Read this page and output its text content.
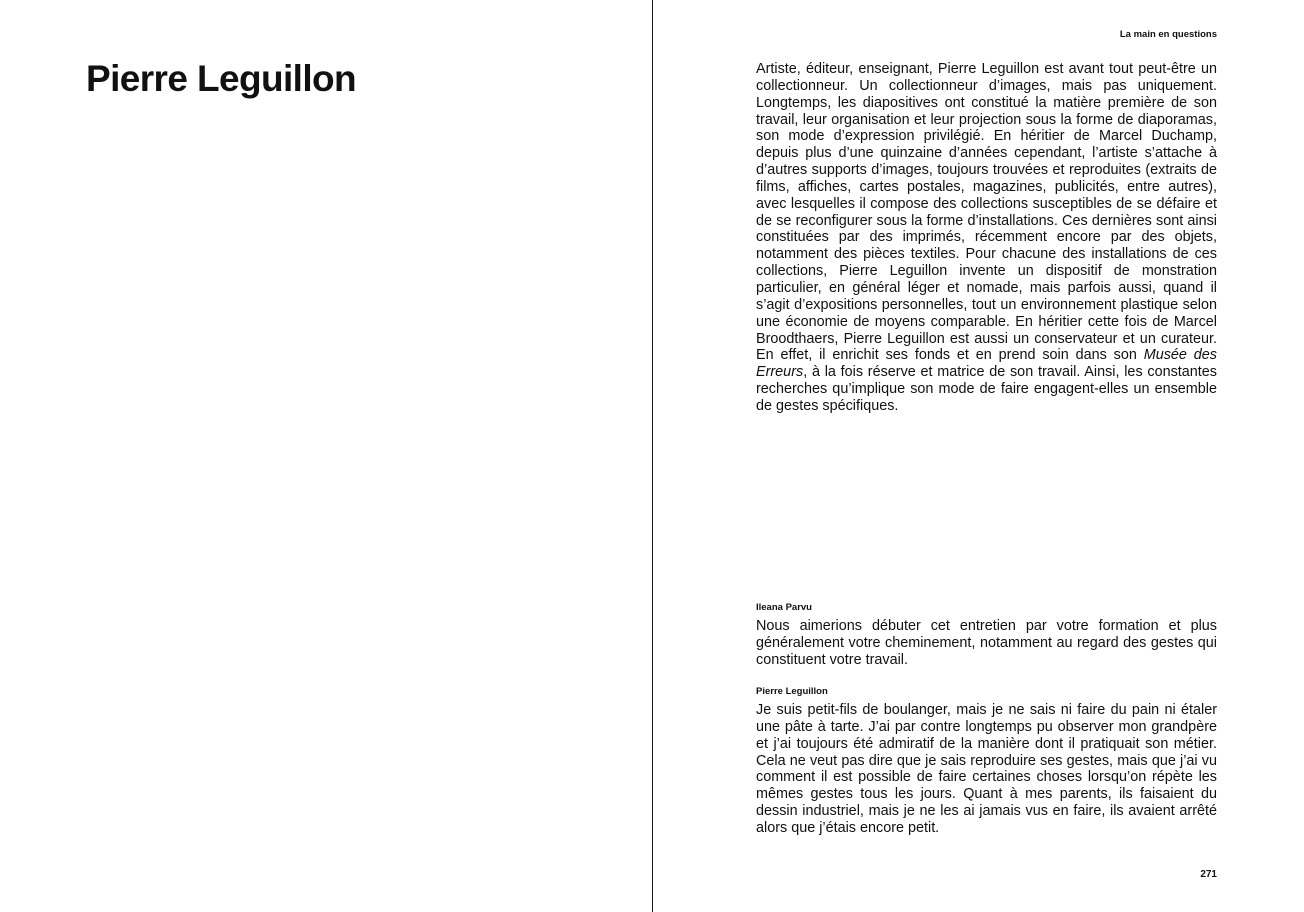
Pierre Leguillon
La main en questions

Artiste, éditeur, enseignant, Pierre Leguillon est avant tout peut-être un collectionneur. Un collectionneur d’images, mais pas uniquement. Longtemps, les diapositives ont constitué la matière première de son travail, leur organisation et leur projection sous la forme de diaporamas, son mode d’expression privilégié. En héritier de Marcel Duchamp, depuis plus d’une quinzaine d’années cependant, l’artiste s’attache à d’autres supports d’images, toujours trouvées et reproduites (extraits de films, affiches, cartes postales, magazines, publicités, entre autres), avec lesquelles il compose des collections susceptibles de se défaire et de se reconfigurer sous la forme d’installations. Ces dernières sont ainsi constituées par des imprimés, récemment encore par des objets, notamment des pièces textiles. Pour chacune des installations de ces collections, Pierre Leguillon invente un dispositif de monstration particulier, en général léger et nomade, mais parfois aussi, quand il s’agit d’expositions personnelles, tout un environnement plastique selon une économie de moyens comparable. En héritier cette fois de Marcel Broodthaers, Pierre Leguillon est aussi un conservateur et un curateur. En effet, il enrichit ses fonds et en prend soin dans son Musée des Erreurs, à la fois réserve et matrice de son travail. Ainsi, les constantes recherches qu’implique son mode de faire engagent-elles un ensemble de gestes spécifiques.

Ileana Parvu

Nous aimerions débuter cet entretien par votre formation et plus généralement votre cheminement, notamment au regard des gestes qui constituent votre travail.

Pierre Leguillon

Je suis petit-fils de boulanger, mais je ne sais ni faire du pain ni étaler une pâte à tarte. J’ai par contre longtemps pu observer mon grandpère et j’ai toujours été admiratif de la manière dont il pratiquait son métier. Cela ne veut pas dire que je sais reproduire ses gestes, mais que j’ai vu comment il est possible de faire certaines choses lorsqu’on répète les mêmes gestes tous les jours. Quant à mes parents, ils faisaient du dessin industriel, mais je ne les ai jamais vus en faire, ils avaient arrêté alors que j’étais encore petit.

271
